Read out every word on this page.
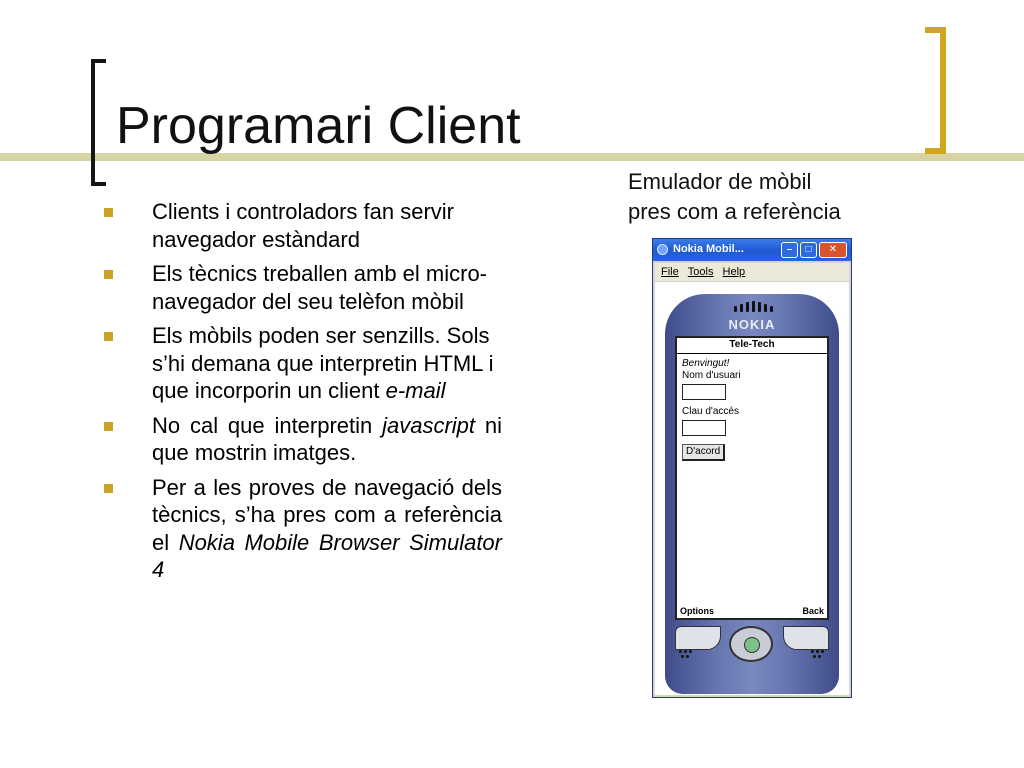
Programari Client
Clients i controladors fan servir navegador estàndard
Els tècnics treballen amb el micro-navegador del seu telèfon mòbil
Els mòbils poden ser senzills. Sols s’hi demana que interpretin HTML i que incorporin un client e-mail
No cal que interpretin javascript ni que mostrin imatges.
Per a les proves de navegació dels tècnics, s’ha pres com a referència el Nokia Mobile Browser Simulator 4
Emulador de mòbil
pres com a referència
Nokia Mobil...	–	□	✕
File Tools Help
NOKIA
Tele-Tech
Benvingut!
Nom d'usuari
Clau d'accés
D'acord
Options	Back
